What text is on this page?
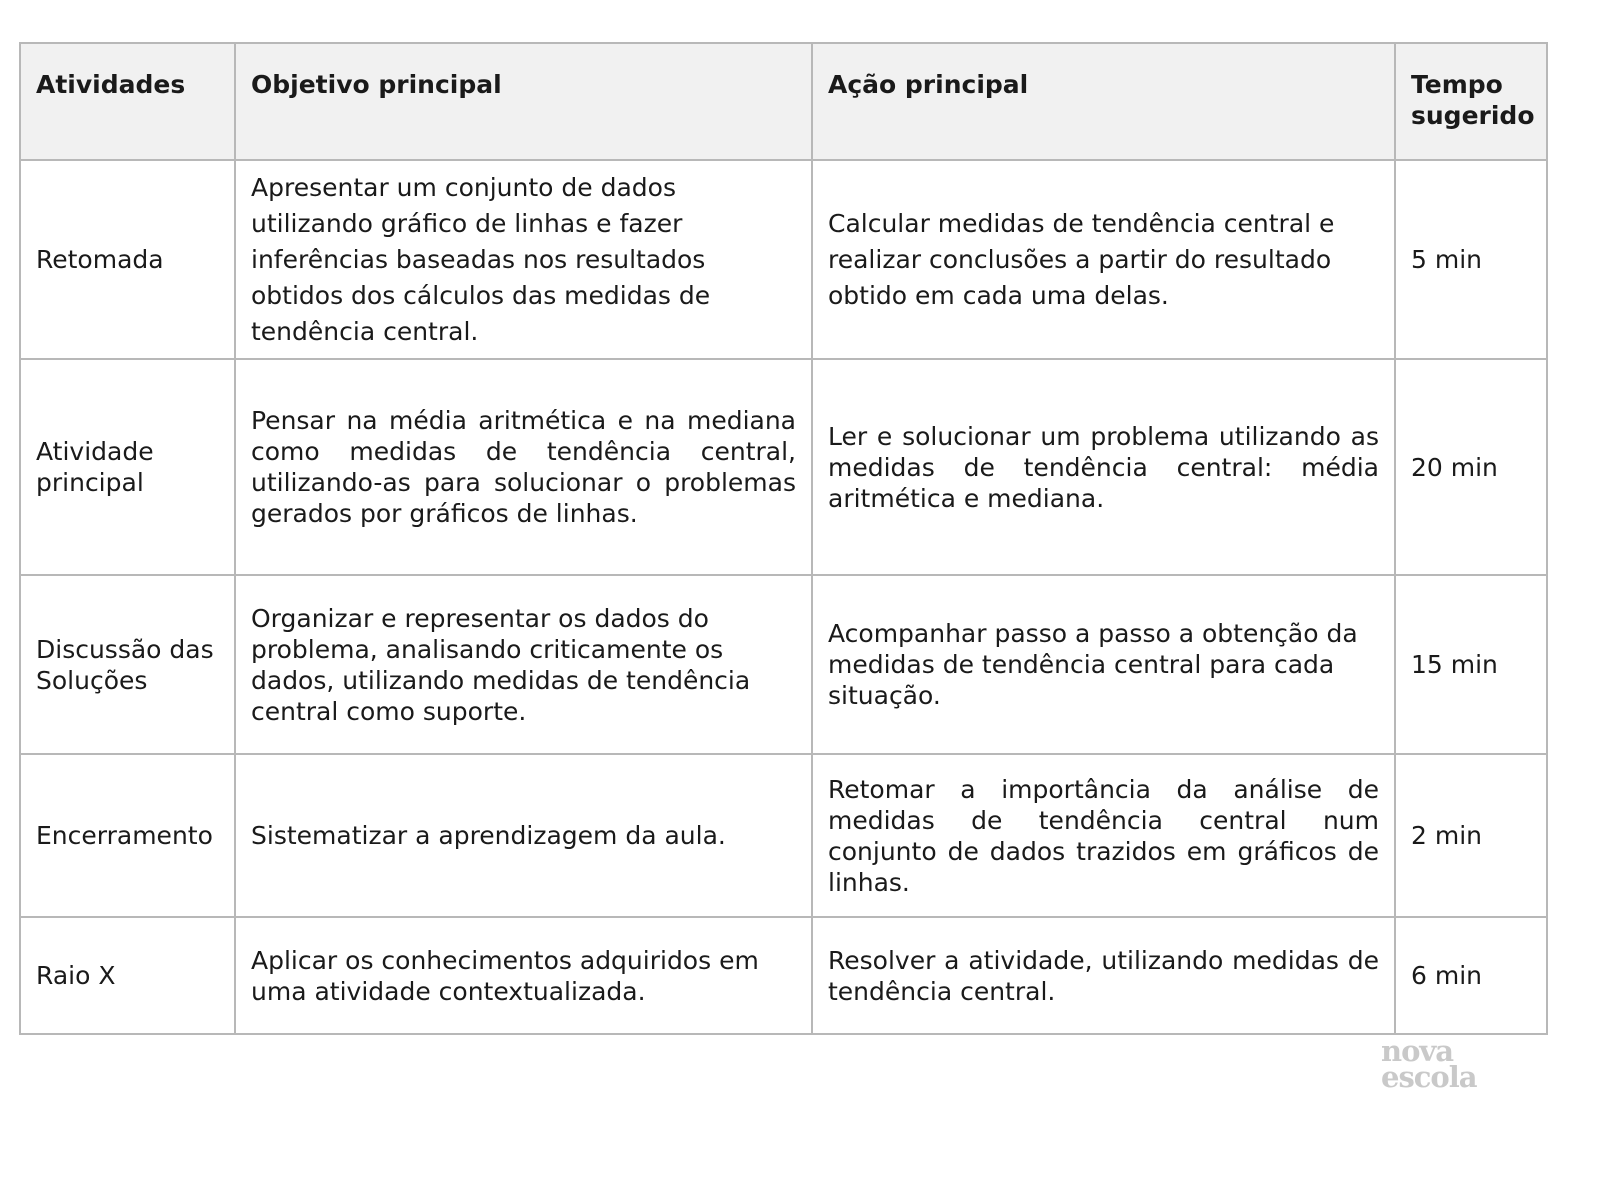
Atividades	Objetivo principal	Ação principal	Tempo sugerido
Retomada	Apresentar um conjunto de dados utilizando gráfico de linhas e fazer inferências baseadas nos resultados obtidos dos cálculos das medidas de tendência central.	Calcular medidas de tendência central e realizar conclusões a partir do resultado obtido em cada uma delas.	5 min
Atividade principal	Pensar na média aritmética e na mediana como medidas de tendência central, utilizando-as para solucionar o problemas gerados por gráficos de linhas.	Ler e solucionar um problema utilizando as medidas de tendência central: média aritmética e mediana.	20 min
Discussão das Soluções	Organizar e representar os dados do problema, analisando criticamente os dados, utilizando medidas de tendência central como suporte.	Acompanhar passo a passo a obtenção da medidas de tendência central para cada situação.	15 min
Encerramento	Sistematizar a aprendizagem da aula.	Retomar a importância da análise de medidas de tendência central num conjunto de dados trazidos em gráficos de linhas.	2 min
Raio X	Aplicar os conhecimentos adquiridos em uma atividade contextualizada.	Resolver a atividade, utilizando medidas de tendência central.	6 min
nova
escola
